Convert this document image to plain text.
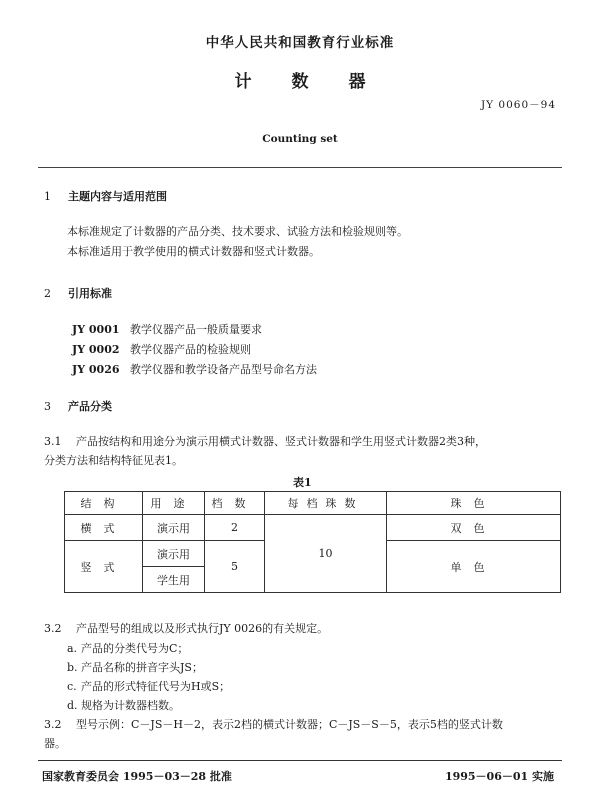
中华人民共和国教育行业标准
计 数 器
JY 0060－94
Counting set
1 主题内容与适用范围
本标准规定了计数器的产品分类、技术要求、试验方法和检验规则等。
本标准适用于教学使用的横式计数器和竖式计数器。
2 引用标准
JY 0001 教学仪器产品一般质量要求
JY 0002 教学仪器产品的检验规则
JY 0026 教学仪器和教学设备产品型号命名方法
3 产品分类
3.1 产品按结构和用途分为演示用横式计数器、竖式计数器和学生用竖式计数器2类3种，
分类方法和结构特征见表1。
表1
结构	用途	档数	每档珠数	珠色
横式	演示用	2	10	双色
竖式	演示用	5		单色
	学生用			
3.2 产品型号的组成以及形式执行JY 0026的有关规定。
a. 产品的分类代号为C；
b. 产品名称的拼音字头JS；
c. 产品的形式特征代号为H或S；
d. 规格为计数器档数。
3.2 型号示例：C－JS－H－2，表示2档的横式计数器；C－JS－S－5，表示5档的竖式计数
器。
国家教育委员会 1995－03－28 批准	1995－06－01 实施
